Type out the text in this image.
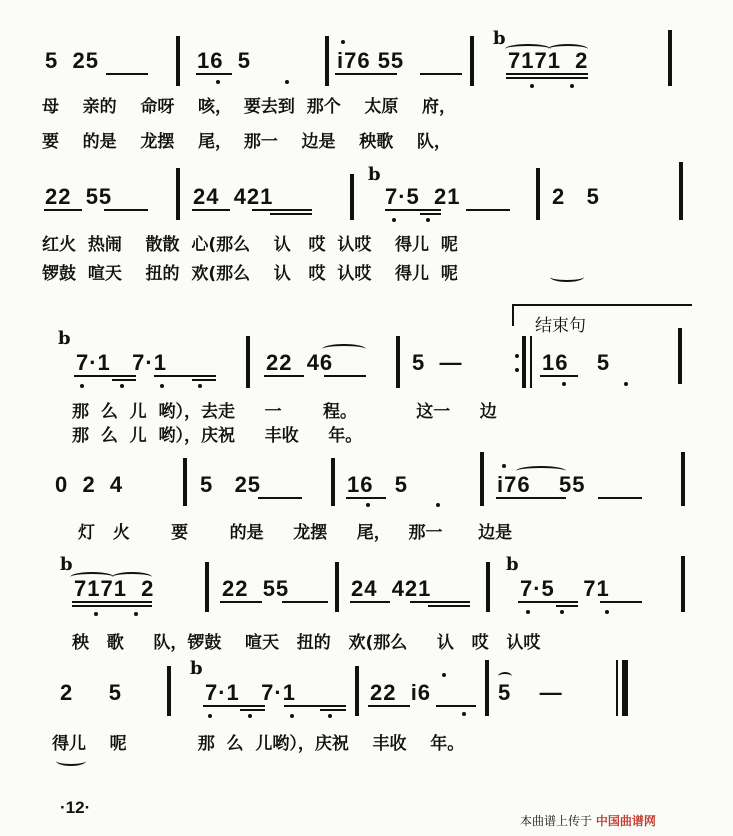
5  25	16  5	i76 55
b
7171  2
母    亲的    命呀    咳，  要去到  那个    太原    府，
要    的是    龙摆    尾，  那一    边是    秧歌    队，
22  55	24  421
b
7·5  21	2   5
红火  热闹    散散  心(那么    认   哎  认哎    得儿  呢
锣鼓  喧天    扭的  欢(那么    认   哎  认哎    得儿  呢
结束句
b
7·1   7·1	22  46	5  —	16    5
那  么  儿  哟），去走     一       程。          这一     边
那  么  儿  哟），庆祝     丰收     年。
0  2  4	5   25	16   5	i76    55
灯   火       要       的是     龙摆     尾，   那一      边是
b
7171  2	22  55	24  421
b
7·5    71
秧   歌     队，锣鼓    喧天   扭的   欢(那么     认   哎   认哎
2     5
b
7·1   7·1	22  i6	5    —
得儿    呢            那  么  儿哟），庆祝    丰收    年。
·12·
本曲谱上传于 中国曲谱网
